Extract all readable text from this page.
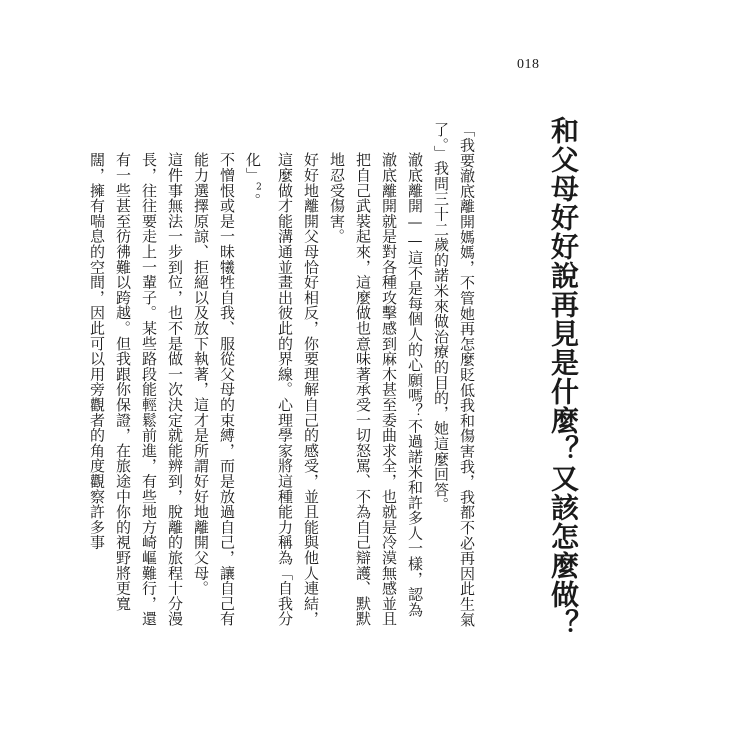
018
和父母好好說再見是什麼？又該怎麼做？

「我要澈底離開媽媽，不管她再怎麼貶低我和傷害我，我都不必再因此生氣了。」我問三十二歲的諾米來做治療的目的，她這麼回答。

澈底離開——這不是每個人的心願嗎？不過諾米和許多人一樣，認為澈底離開就是對各種攻擊感到麻木甚至委曲求全，也就是冷漠無感並且把自己武裝起來，這麼做也意味著承受一切怒罵、不為自己辯護、默默地忍受傷害。

好好地離開父母恰好相反，你要理解自己的感受，並且能與他人連結，這麼做才能溝通並畫出彼此的界線。心理學家將這種能力稱為「自我分化」$^2$。

不憎恨或是一昧犧牲自我、服從父母的束縛，而是放過自己，讓自己有能力選擇原諒、拒絕以及放下執著，這才是所謂好好地離開父母。

這件事無法一步到位，也不是做一次決定就能辨到，脫離的旅程十分漫長，往往要走上一輩子。某些路段能輕鬆前進，有些地方崎嶇難行，還有一些甚至彷彿難以跨越。但我跟你保證，在旅途中你的視野將更寬闊，擁有喘息的空間，因此可以用旁觀者的角度觀察許多事
